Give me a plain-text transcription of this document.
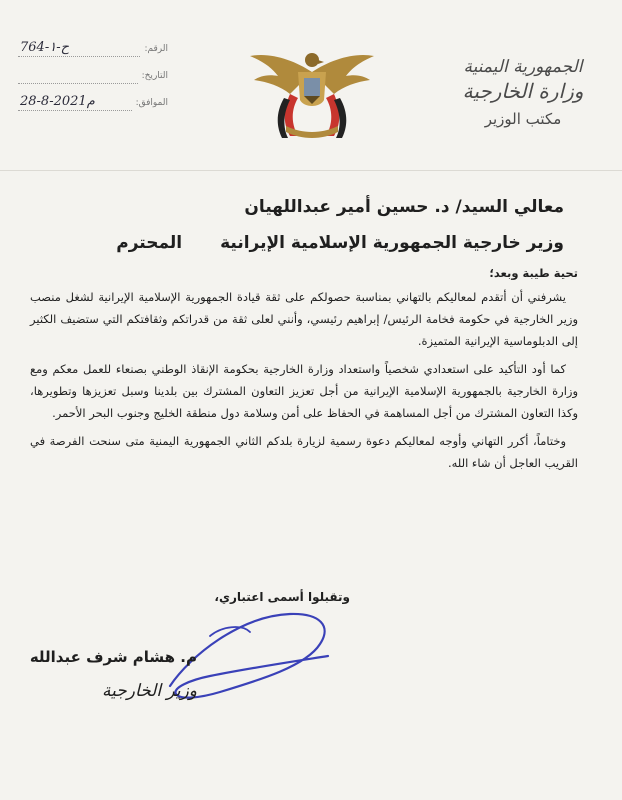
الرقم:
764-ح-١
التاريخ:
الموافق:
28-8-2021م
الجمهورية اليمنية
وزارة الخارجية
مكتب الوزير
معالي السيد/ د. حسين أمير عبداللهيان
وزير خارجية الجمهورية الإسلامية الإيرانية
المحترم
تحية طيبة وبعد؛

يشرفني أن أتقدم لمعاليكم بالتهاني بمناسبة حصولكم على ثقة قيادة الجمهورية الإسلامية الإيرانية لشغل منصب وزير الخارجية في حكومة فخامة الرئيس/ إبراهيم رئيسي، وأنني لعلى ثقة من قدراتكم وثقافتكم التي ستضيف الكثير إلى الدبلوماسية الإيرانية المتميزة.

كما أود التأكيد على استعدادي شخصياً واستعداد وزارة الخارجية بحكومة الإنقاذ الوطني بصنعاء للعمل معكم ومع وزارة الخارجية بالجمهورية الإسلامية الإيرانية من أجل تعزيز التعاون المشترك بين بلدينا وسبل تعزيزها وتطويرها، وكذا التعاون المشترك من أجل المساهمة في الحفاظ على أمن وسلامة دول منطقة الخليج وجنوب البحر الأحمر.

وختاماً، أكرر التهاني وأوجه لمعاليكم دعوة رسمية لزيارة بلدكم الثاني الجمهورية اليمنية متى سنحت الفرصة في القريب العاجل أن شاء الله.

وتقبلوا أسمى اعتباري،
م. هشام شرف عبدالله
وزير الخارجية
